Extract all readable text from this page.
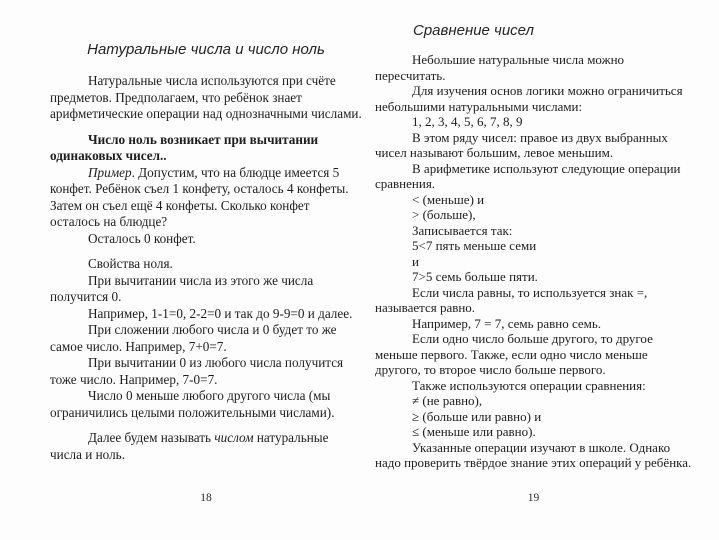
Натуральные числа и число ноль

Натуральные числа используются при счёте предметов. Предполагаем, что ребёнок знает арифметические операции над однозначными числами.

Число ноль возникает при вычитании одинаковых чисел..

Пример. Допустим, что на блюдце имеется 5 конфет. Ребёнок съел 1 конфету, осталось 4 конфеты. Затем он съел ещё 4 конфеты. Сколько конфет осталось на блюдце?

Осталось 0 конфет.

Свойства ноля.

При вычитании числа из этого же числа получится 0.

Например, 1-1=0, 2-2=0 и так до 9-9=0 и далее.

При сложении любого числа и 0 будет то же самое число. Например, 7+0=7.

При вычитании 0 из любого числа получится тоже число. Например, 7-0=7.

Число 0 меньше любого другого числа (мы ограничились целыми положительными числами).

Далее будем называть числом натуральные числа и ноль.

18
Сравнение чисел

Небольшие натуральные числа можно пересчитать.

Для изучения основ логики можно ограничиться небольшими натуральными числами:

1, 2, 3, 4, 5, 6, 7, 8, 9

В этом ряду чисел: правое из двух выбранных чисел называют большим, левое меньшим.

В арифметике используют следующие операции сравнения.

< (меньше) и

> (больше),

Записывается так:

5<7 пять меньше семи

и

7>5 семь больше пяти.

Если числа равны, то используется знак =, называется равно.

Например, 7 = 7, семь равно семь.

Если одно число больше другого, то другое меньше первого. Также, если одно число меньше другого, то второе число больше первого.

Также используются операции сравнения:

≠ (не равно),

≥ (больше или равно) и

≤ (меньше или равно).

Указанные операции изучают в школе. Однако надо проверить твёрдое знание этих операций у ребёнка.

19
